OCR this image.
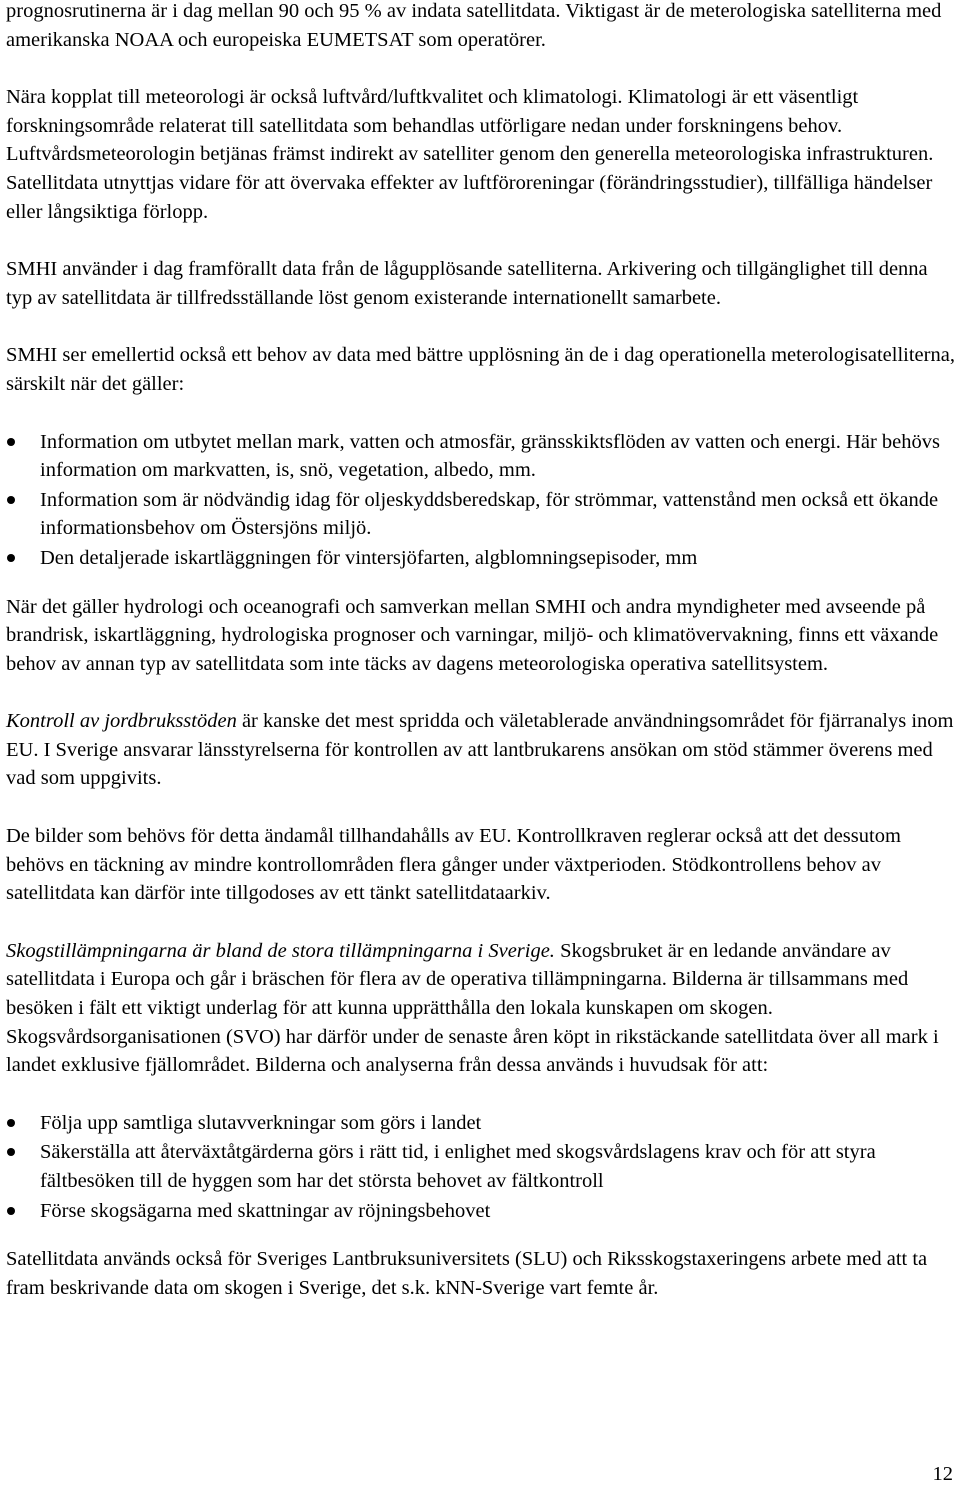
prognosrutinerna är i dag mellan 90 och 95 % av indata satellitdata. Viktigast är de meterologiska satelliterna med amerikanska NOAA och europeiska EUMETSAT som operatörer.

Nära kopplat till meteorologi är också luftvård/luftkvalitet och klimatologi. Klimatologi är ett väsentligt forskningsområde relaterat till satellitdata som behandlas utförligare nedan under forskningens behov. Luftvårdsmeteorologin betjänas främst indirekt av satelliter genom den generella meteorologiska infrastrukturen. Satellitdata utnyttjas vidare för att övervaka effekter av luftföroreningar (förändringsstudier), tillfälliga händelser eller långsiktiga förlopp.

SMHI använder i dag framförallt data från de lågupplösande satelliterna. Arkivering och tillgänglighet till denna typ av satellitdata är tillfredsställande löst genom existerande internationellt samarbete.

SMHI ser emellertid också ett behov av data med bättre upplösning än de i dag operationella meterologisatelliterna, särskilt när det gäller:

Information om utbytet mellan mark, vatten och atmosfär, gränsskiktsflöden av vatten och energi. Här behövs information om markvatten, is, snö, vegetation, albedo, mm.
Information som är nödvändig idag för oljeskyddsberedskap, för strömmar, vattenstånd men också ett ökande informationsbehov om Östersjöns miljö.
Den detaljerade iskartläggningen för vintersjöfarten, algblomningsepisoder, mm

När det gäller hydrologi och oceanografi och samverkan mellan SMHI och andra myndigheter med avseende på brandrisk, iskartläggning, hydrologiska prognoser och varningar, miljö- och klimatövervakning, finns ett växande behov av annan typ av satellitdata som inte täcks av dagens meteorologiska operativa satellitsystem.

Kontroll av jordbruksstöden är kanske det mest spridda och väletablerade användningsområdet för fjärranalys inom EU. I Sverige ansvarar länsstyrelserna för kontrollen av att lantbrukarens ansökan om stöd stämmer överens med vad som uppgivits.

De bilder som behövs för detta ändamål tillhandahålls av EU. Kontrollkraven reglerar också att det dessutom behövs en täckning av mindre kontrollområden flera gånger under växtperioden. Stödkontrollens behov av satellitdata kan därför inte tillgodoses av ett tänkt satellitdataarkiv.

Skogstillämpningarna är bland de stora tillämpningarna i Sverige. Skogsbruket är en ledande användare av satellitdata i Europa och går i bräschen för flera av de operativa tillämpningarna. Bilderna är tillsammans med besöken i fält ett viktigt underlag för att kunna upprätthålla den lokala kunskapen om skogen. Skogsvårdsorganisationen (SVO) har därför under de senaste åren köpt in rikstäckande satellitdata över all mark i landet exklusive fjällområdet. Bilderna och analyserna från dessa används i huvudsak för att:

Följa upp samtliga slutavverkningar som görs i landet
Säkerställa att återväxtåtgärderna görs i rätt tid, i enlighet med skogsvårdslagens krav och för att styra fältbesöken till de hyggen som har det största behovet av fältkontroll
Förse skogsägarna med skattningar av röjningsbehovet

Satellitdata används också för Sveriges Lantbruksuniversitets (SLU) och Riksskogstaxeringens arbete med att ta fram beskrivande data om skogen i Sverige, det s.k. kNN-Sverige vart femte år.

12
